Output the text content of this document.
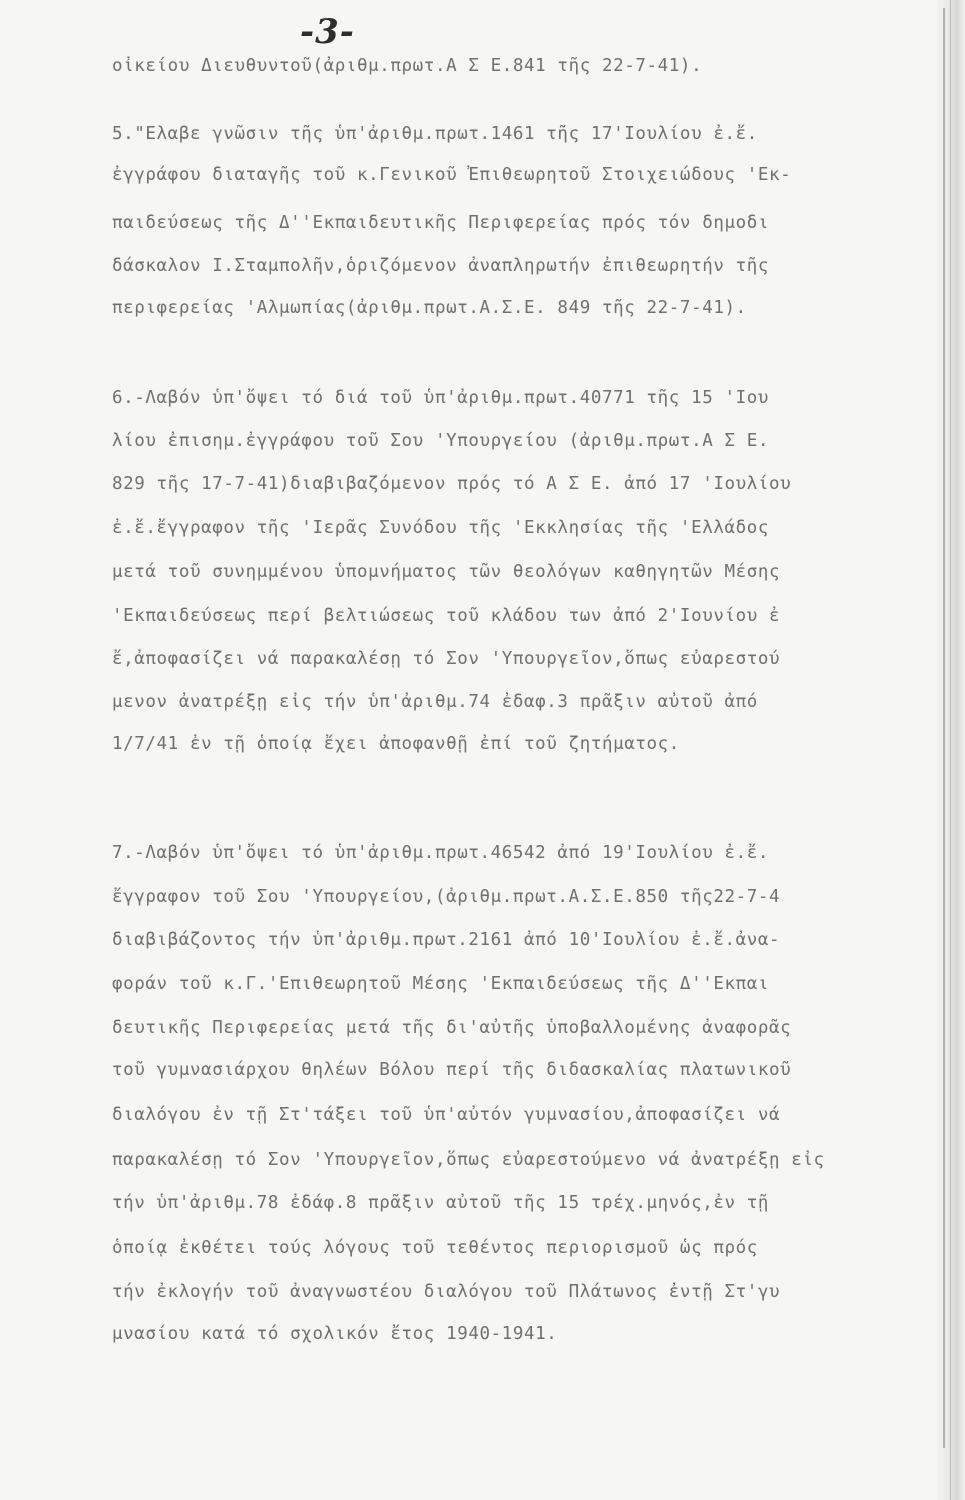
-3-
οἰκείου Διευθυντοῦ(ἀριθμ.πρωτ.Α Σ Ε.841 τῆς 22-7-41).
5."Ελαβε γνῶσιν τῆς ὑπ'ἀριθμ.πρωτ.1461 τῆς 17'Ιουλίου ἐ.ἔ.
ἐγγράφου διαταγῆς τοῦ κ.Γενικοῦ Ἐπιθεωρητοῦ Στοιχειώδους 'Εκ-
παιδεύσεως τῆς Δ''Εκπαιδευτικῆς Περιφερείας πρός τόν δημοδι
δάσκαλον Ι.Σταμπολῆν,ὁριζόμενον ἀναπληρωτήν ἐπιθεωρητήν τῆς
περιφερείας 'Αλμωπίας(ἀριθμ.πρωτ.Α.Σ.Ε. 849 τῆς 22-7-41).
6.-Λαβόν ὑπ'ὄψει τό διά τοῦ ὑπ'ἀριθμ.πρωτ.40771 τῆς 15 'Ιου
λίου ἐπισημ.ἐγγράφου τοῦ Σου 'Υπουργείου (ἀριθμ.πρωτ.Α Σ Ε.
829 τῆς 17-7-41)διαβιβαζόμενον πρός τό Α Σ Ε. ἀπό 17 'Ιουλίου
ἐ.ἔ.ἔγγραφον τῆς 'Ιερᾶς Συνόδου τῆς 'Εκκλησίας τῆς 'Ελλάδος
μετά τοῦ συνημμένου ὑπομνήματος τῶν θεολόγων καθηγητῶν Μέσης
'Εκπαιδεύσεως περί βελτιώσεως τοῦ κλάδου των ἀπό 2'Ιουνίου ἐ
ἔ,ἀποφασίζει νά παρακαλέσῃ τό Σον 'Υπουργεῖον,ὅπως εὐαρεστού
μενον ἀνατρέξῃ εἰς τήν ὑπ'ἀριθμ.74 ἐδαφ.3 πρᾶξιν αὐτοῦ ἀπό
1/7/41 ἐν τῇ ὁποίᾳ ἔχει ἀποφανθῇ ἐπί τοῦ ζητήματος.
7.-Λαβόν ὑπ'ὄψει τό ὑπ'ἀριθμ.πρωτ.46542 ἀπό 19'Ιουλίου ἐ.ἔ.
ἔγγραφον τοῦ Σου 'Υπουργείου,(ἀριθμ.πρωτ.Α.Σ.Ε.850 τῆς22-7-4
διαβιβάζοντος τήν ὑπ'ἀριθμ.πρωτ.2161 ἀπό 10'Ιουλίου ἐ.ἔ.ἀνα-
φοράν τοῦ κ.Γ.'Επιθεωρητοῦ Μέσης 'Εκπαιδεύσεως τῆς Δ''Εκπαι
δευτικῆς Περιφερείας μετά τῆς δι'αὐτῆς ὑποβαλλομένης ἀναφορᾶς
τοῦ γυμνασιάρχου θηλέων Βόλου περί τῆς διδασκαλίας πλατωνικοῦ
διαλόγου ἐν τῇ Στ'τάξει τοῦ ὑπ'αὐτόν γυμνασίου,ἀποφασίζει νά
παρακαλέσῃ τό Σον 'Υπουργεῖον,ὅπως εὐαρεστούμενο νά ἀνατρέξῃ εἰς
τήν ὑπ'ἀριθμ.78 ἐδάφ.8 πρᾶξιν αὐτοῦ τῆς 15 τρέχ.μηνός,ἐν τῇ
ὁποίᾳ ἐκθέτει τούς λόγους τοῦ τεθέντος περιορισμοῦ ὡς πρός
τήν ἐκλογήν τοῦ ἀναγνωστέου διαλόγου τοῦ Πλάτωνος ἐντῇ Στ'γυ
μνασίου κατά τό σχολικόν ἔτος 1940-1941.
